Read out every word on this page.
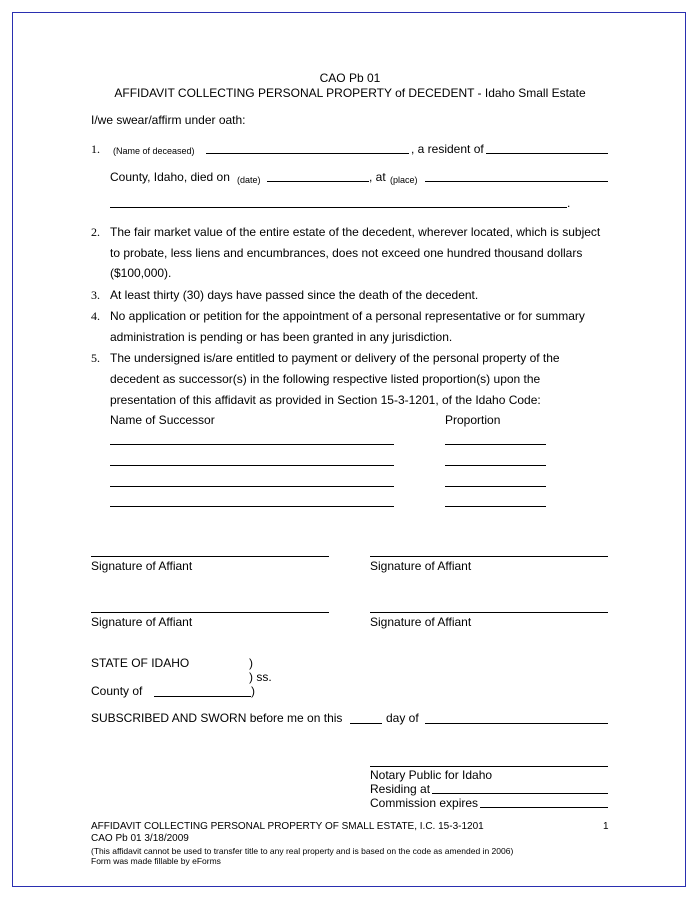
CAO Pb 01
AFFIDAVIT COLLECTING PERSONAL PROPERTY of DECEDENT - Idaho Small Estate
I/we swear/affirm under oath:
1. (Name of deceased)	, a resident of
County, Idaho, died on (date)	, at (place)
.
2. The fair market value of the entire estate of the decedent, wherever located, which is subject
to probate, less liens and encumbrances, does not exceed one hundred thousand dollars
($100,000).
3. At least thirty (30) days have passed since the death of the decedent.
4. No application or petition for the appointment of a personal representative or for summary
administration is pending or has been granted in any jurisdiction.
5. The undersigned is/are entitled to payment or delivery of the personal property of the
decedent as successor(s) in the following respective listed proportion(s) upon the
presentation of this affidavit as provided in Section 15-3-1201, of the Idaho Code:
Name of Successor	Proportion
Signature of Affiant	Signature of Affiant
Signature of Affiant	Signature of Affiant
STATE OF IDAHO	)
) ss.
County of	)
SUBSCRIBED AND SWORN before me on this	day of
Notary Public for Idaho
Residing at
Commission expires
AFFIDAVIT COLLECTING PERSONAL PROPERTY OF SMALL ESTATE, I.C. 15-3-1201	1
CAO Pb 01 3/18/2009
(This affidavit cannot be used to transfer title to any real property and is based on the code as amended in 2006)
Form was made fillable by eForms
